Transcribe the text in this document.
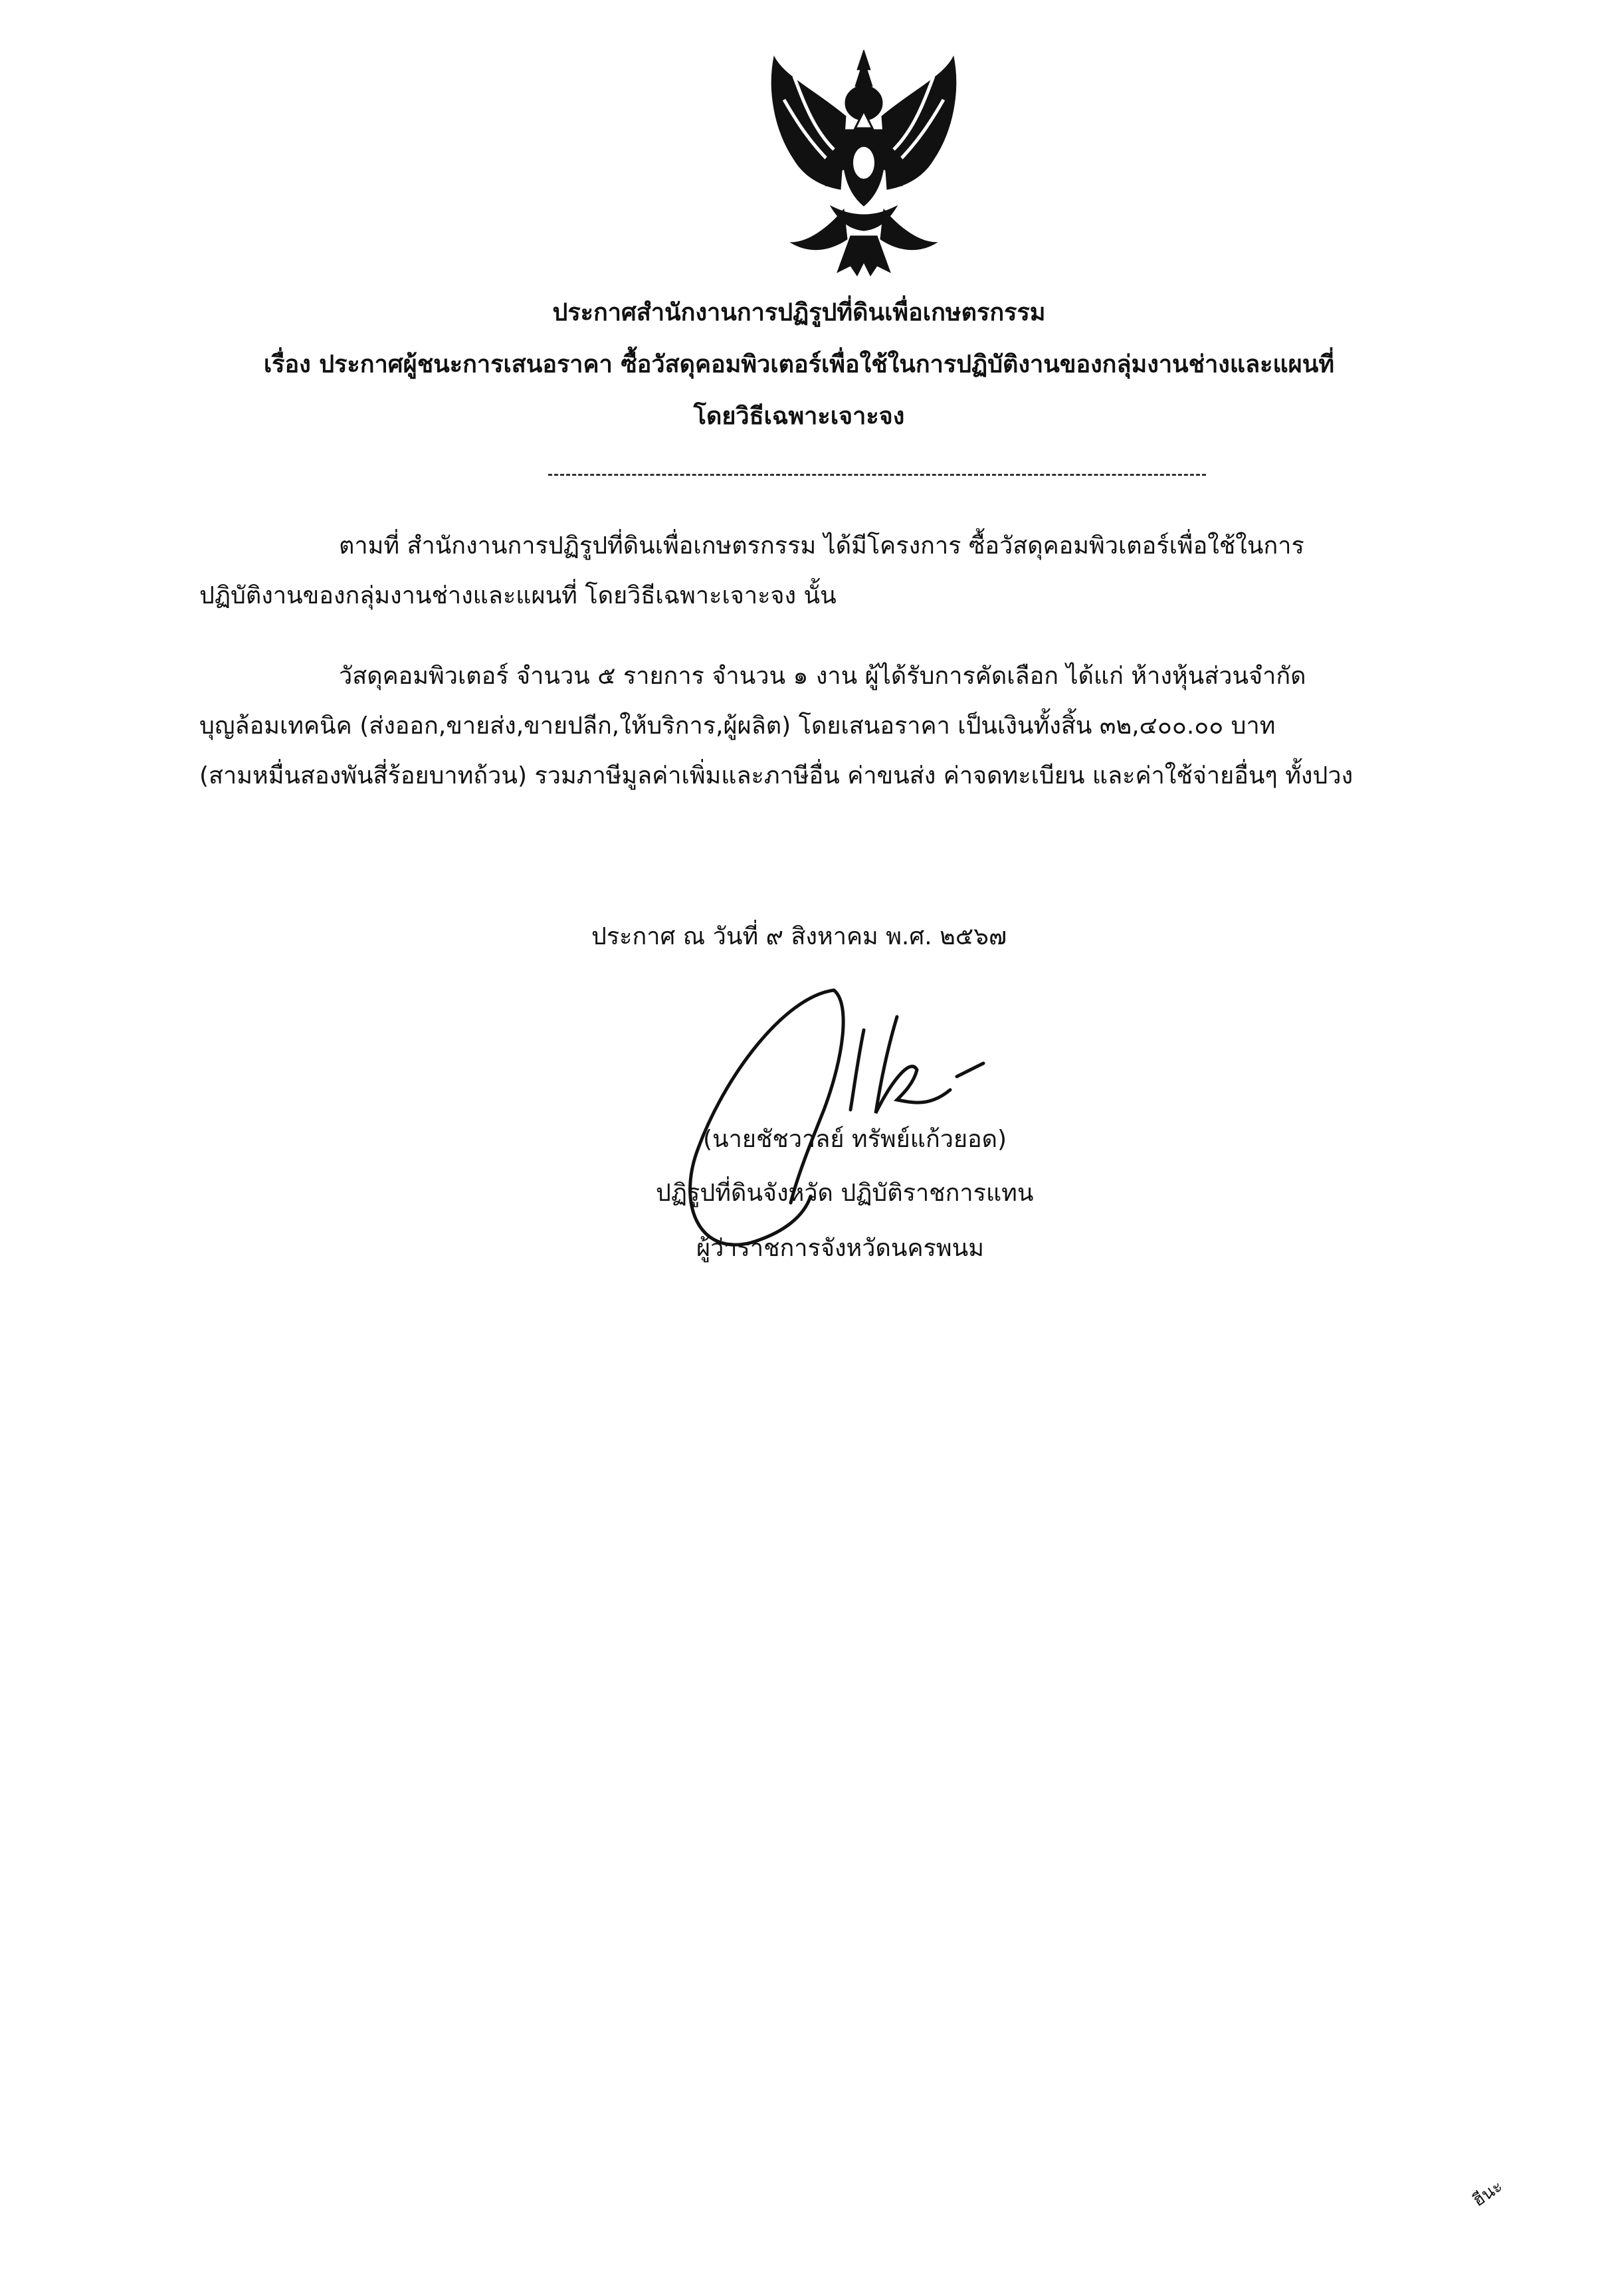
ประกาศสำนักงานการปฏิรูปที่ดินเพื่อเกษตรกรรม
เรื่อง ประกาศผู้ชนะการเสนอราคา ซื้อวัสดุคอมพิวเตอร์เพื่อใช้ในการปฏิบัติงานของกลุ่มงานช่างและแผนที่
โดยวิธีเฉพาะเจาะจง
ตามที่ สำนักงานการปฏิรูปที่ดินเพื่อเกษตรกรรม ได้มีโครงการ ซื้อวัสดุคอมพิวเตอร์เพื่อใช้ในการ
ปฏิบัติงานของกลุ่มงานช่างและแผนที่ โดยวิธีเฉพาะเจาะจง นั้น
วัสดุคอมพิวเตอร์ จำนวน ๕ รายการ จำนวน ๑ งาน ผู้ได้รับการคัดเลือก ได้แก่ ห้างหุ้นส่วนจำกัด
บุญล้อมเทคนิค (ส่งออก,ขายส่ง,ขายปลีก,ให้บริการ,ผู้ผลิต) โดยเสนอราคา เป็นเงินทั้งสิ้น ๓๒,๔๐๐.๐๐ บาท
(สามหมื่นสองพันสี่ร้อยบาทถ้วน) รวมภาษีมูลค่าเพิ่มและภาษีอื่น ค่าขนส่ง ค่าจดทะเบียน และค่าใช้จ่ายอื่นๆ ทั้งปวง
ประกาศ ณ วันที่ ๙ สิงหาคม พ.ศ. ๒๕๖๗
(นายชัชวาลย์ ทรัพย์แก้วยอด)
ปฏิรูปที่ดินจังหวัด ปฏิบัติราชการแทน
ผู้ว่าราชการจังหวัดนครพนม
ฮีนะ
